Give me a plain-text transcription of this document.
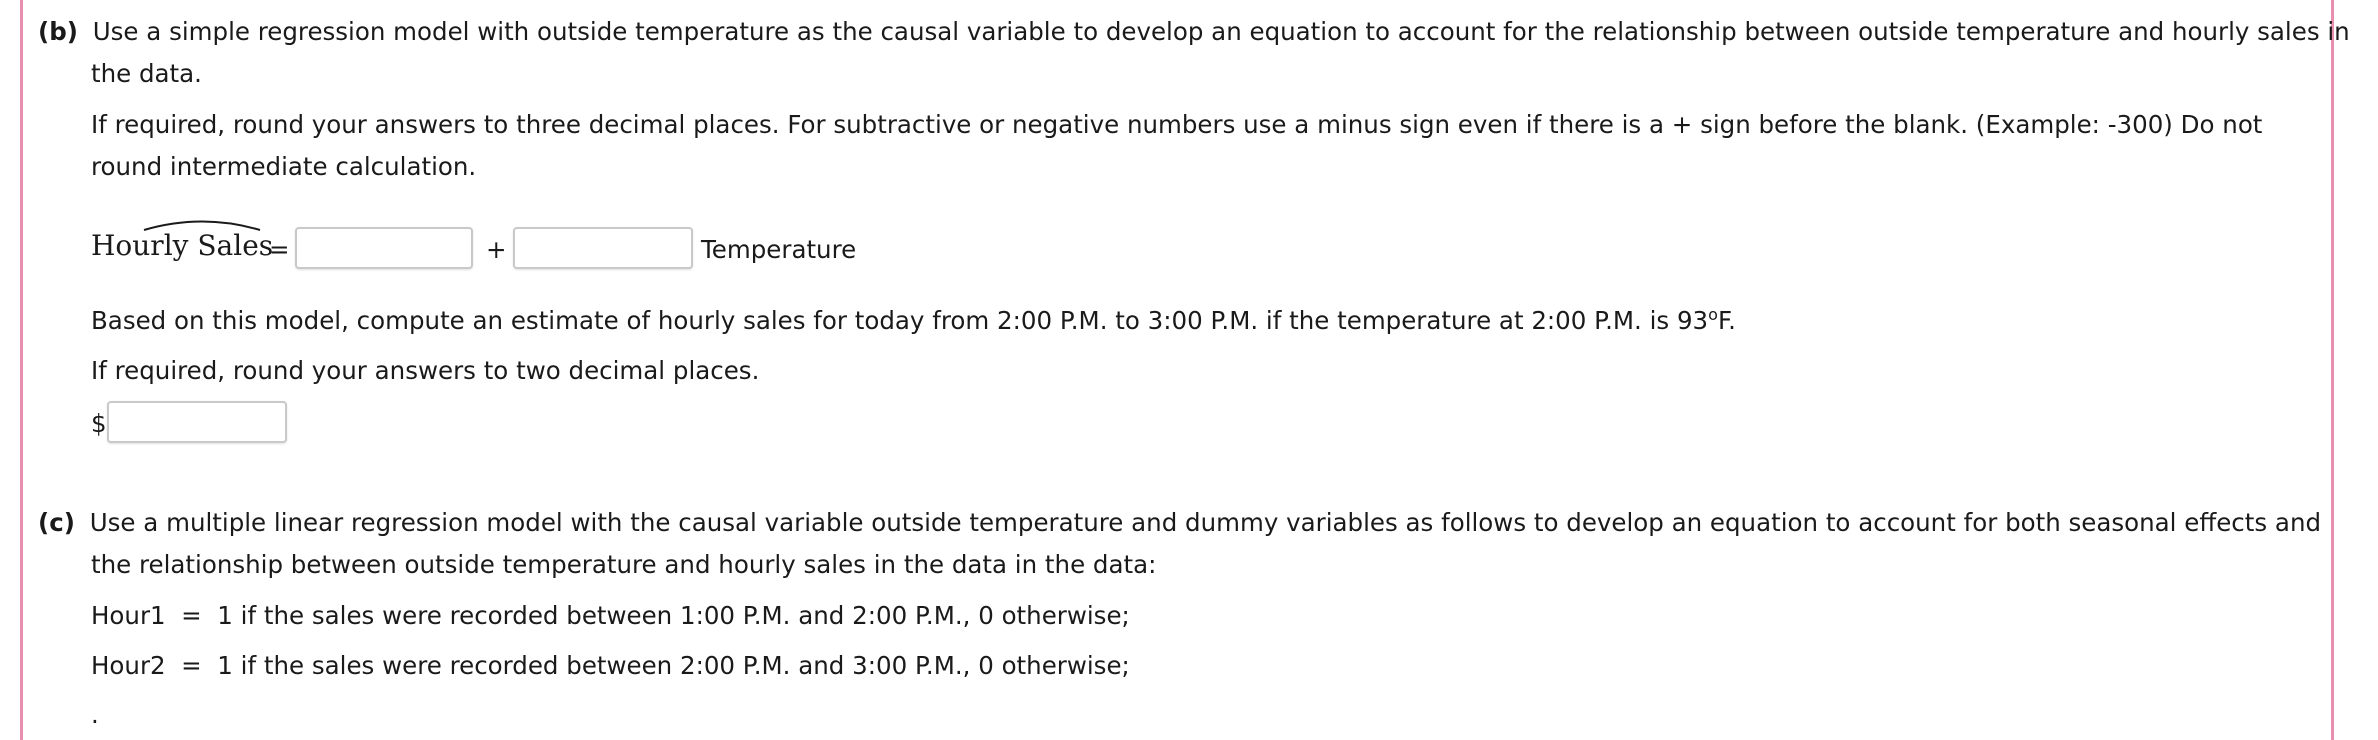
(b) Use a simple regression model with outside temperature as the causal variable to develop an equation to account for the relationship between outside temperature and hourly sales in
the data.
If required, round your answers to three decimal places. For subtractive or negative numbers use a minus sign even if there is a + sign before the blank. (Example: -300) Do not
round intermediate calculation.
Hourly Sales
=	+	Temperature
Based on this model, compute an estimate of hourly sales for today from 2:00 P.M. to 3:00 P.M. if the temperature at 2:00 P.M. is 93$^o$F.
If required, round your answers to two decimal places.
$
(c) Use a multiple linear regression model with the causal variable outside temperature and dummy variables as follows to develop an equation to account for both seasonal effects and
the relationship between outside temperature and hourly sales in the data in the data:
Hour1  =  1 if the sales were recorded between 1:00 P.M. and 2:00 P.M., 0 otherwise;
Hour2  =  1 if the sales were recorded between 2:00 P.M. and 3:00 P.M., 0 otherwise;
.
